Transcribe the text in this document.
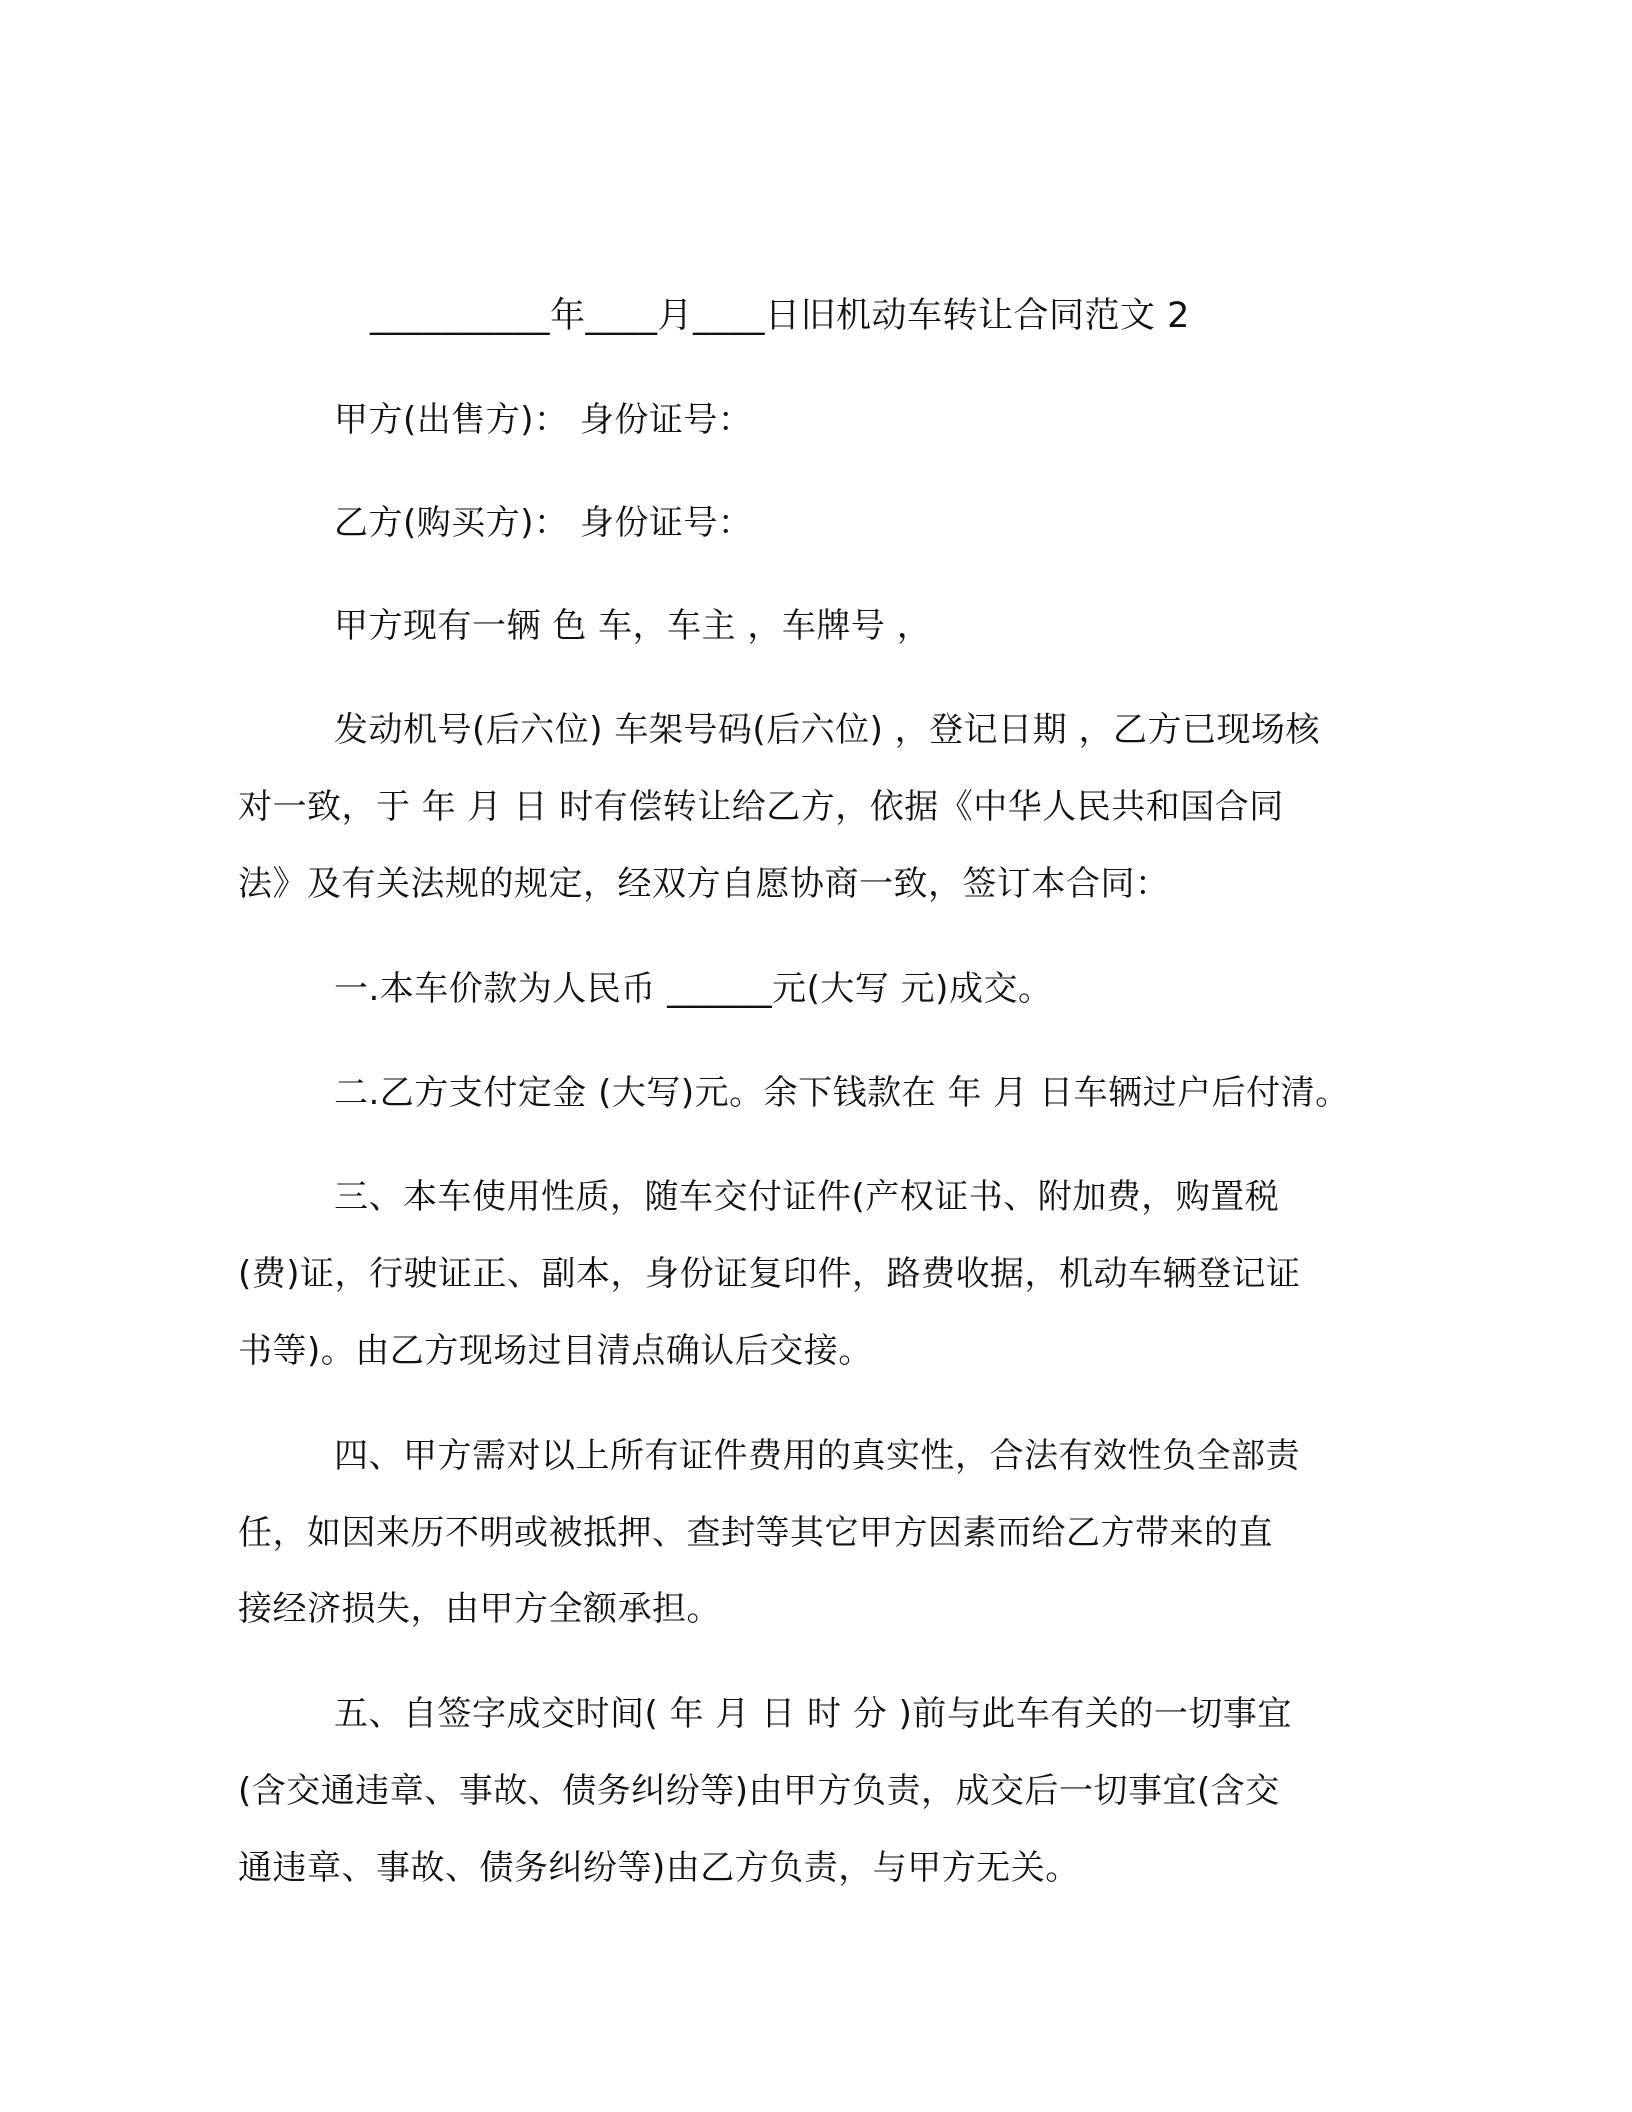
__________年____月____日旧机动车转让合同范文 2
甲方(出售方)： 身份证号：
乙方(购买方)： 身份证号：
甲方现有一辆 色 车，车主 ，车牌号 ，
发动机号(后六位) 车架号码(后六位) ，登记日期 ，乙方已现场核
对一致，于 年 月 日 时有偿转让给乙方，依据《中华人民共和国合同
法》及有关法规的规定，经双方自愿协商一致，签订本合同：
一.本车价款为人民币 ______元(大写 元)成交。
二.乙方支付定金 (大写)元。余下钱款在 年 月 日车辆过户后付清。
三、本车使用性质，随车交付证件(产权证书、附加费，购置税
(费)证，行驶证正、副本，身份证复印件，路费收据，机动车辆登记证
书等)。由乙方现场过目清点确认后交接。
四、甲方需对以上所有证件费用的真实性，合法有效性负全部责
任，如因来历不明或被抵押、查封等其它甲方因素而给乙方带来的直
接经济损失，由甲方全额承担。
五、自签字成交时间( 年 月 日 时 分 )前与此车有关的一切事宜
(含交通违章、事故、债务纠纷等)由甲方负责，成交后一切事宜(含交
通违章、事故、债务纠纷等)由乙方负责，与甲方无关。
